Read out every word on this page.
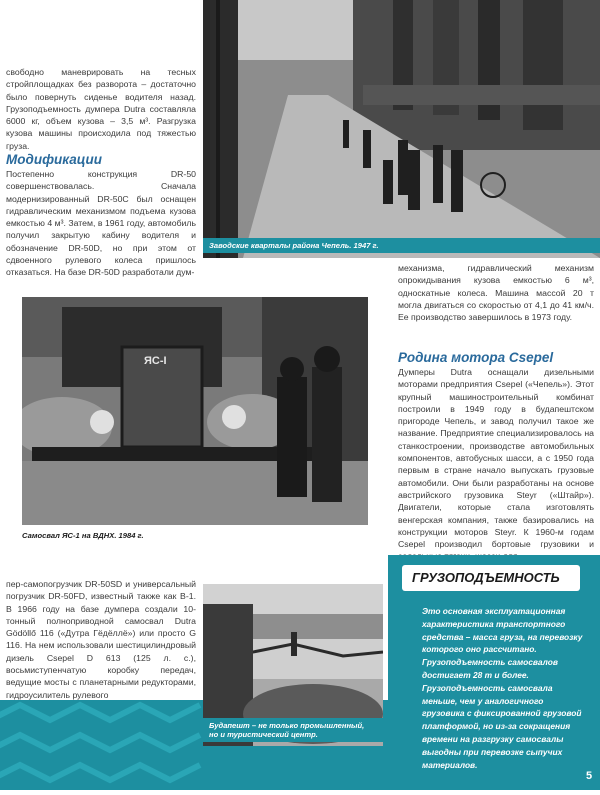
свободно маневрировать на тесных стройплощадках без разворота – достаточно было повернуть сиденье водителя назад. Грузоподъемность думпера Dutra составляла 6000 кг, объем кузова – 3,5 м³. Разгрузка кузова машины происходила под тяжестью груза.
Модификации
Постепенно конструкция DR-50 совершенствовалась. Сначала модернизированный DR-50C был оснащен гидравлическим механизмом подъема кузова емкостью 4 м³. Затем, в 1961 году, автомобиль получил закрытую кабину водителя и обозначение DR-50D, но при этом от сдвоенного рулевого колеса пришлось отказаться. На базе DR-50D разработали дум-
Заводские кварталы района Чепель. 1947 г.
механизма, гидравлический механизм опрокидывания кузова емкостью 6 м³, односкатные колеса. Машина массой 20 т могла двигаться со скоростью от 4,1 до 41 км/ч. Ее производство завершилось в 1973 году.
Родина мотора Csepel
Думперы Dutra оснащали дизельными моторами предприятия Csepel («Чепель»). Этот крупный машиностроительный комбинат построили в 1949 году в будапештском пригороде Чепель, и завод получил такое же название. Предприятие специализировалось на станкостроении, производстве автомобильных компонентов, автобусных шасси, а с 1950 года первым в стране начало выпускать грузовые автомобили. Они были разработаны на основе австрийского грузовика Steyr («Штайр»). Двигатели, которые стала изготовлять венгерская компания, также базировались на конструкции моторов Steyr. К 1960-м годам Csepel производил бортовые грузовики и
ЯС-I
Самосвал ЯС-1 на ВДНХ. 1984 г.
пер-самопогрузчик DR-50SD и универсальный погрузчик DR-50FD, известный также как В-1. В 1966 году на базе думпера создали 10-тонный полноприводной самосвал Dutra Gödöllő 116 («Дутра Гёдёллё») или просто G 116. На нем использовали шестицилиндровый дизель Csepel D 613 (125 л. с.), восьмиступенчатую коробку передач, ведущие мосты с планетарными редукторами, гидроусилитель рулевого
Будапешт – не только промышленный,
но и туристический центр.
ГРУЗОПОДЪЕМНОСТЬ
Это основная эксплуатационная характеристика транспортного средства – масса груза, на перевозку которого оно рассчитано. Грузоподъемность самосвалов достигает 28 т и более. Грузоподъемность самосвала меньше, чем у аналогичного грузовика с фиксированной грузовой платформой, но из-за сокращения времени на разгрузку самосвалы выгодны при перевозке сыпучих материалов.
5
